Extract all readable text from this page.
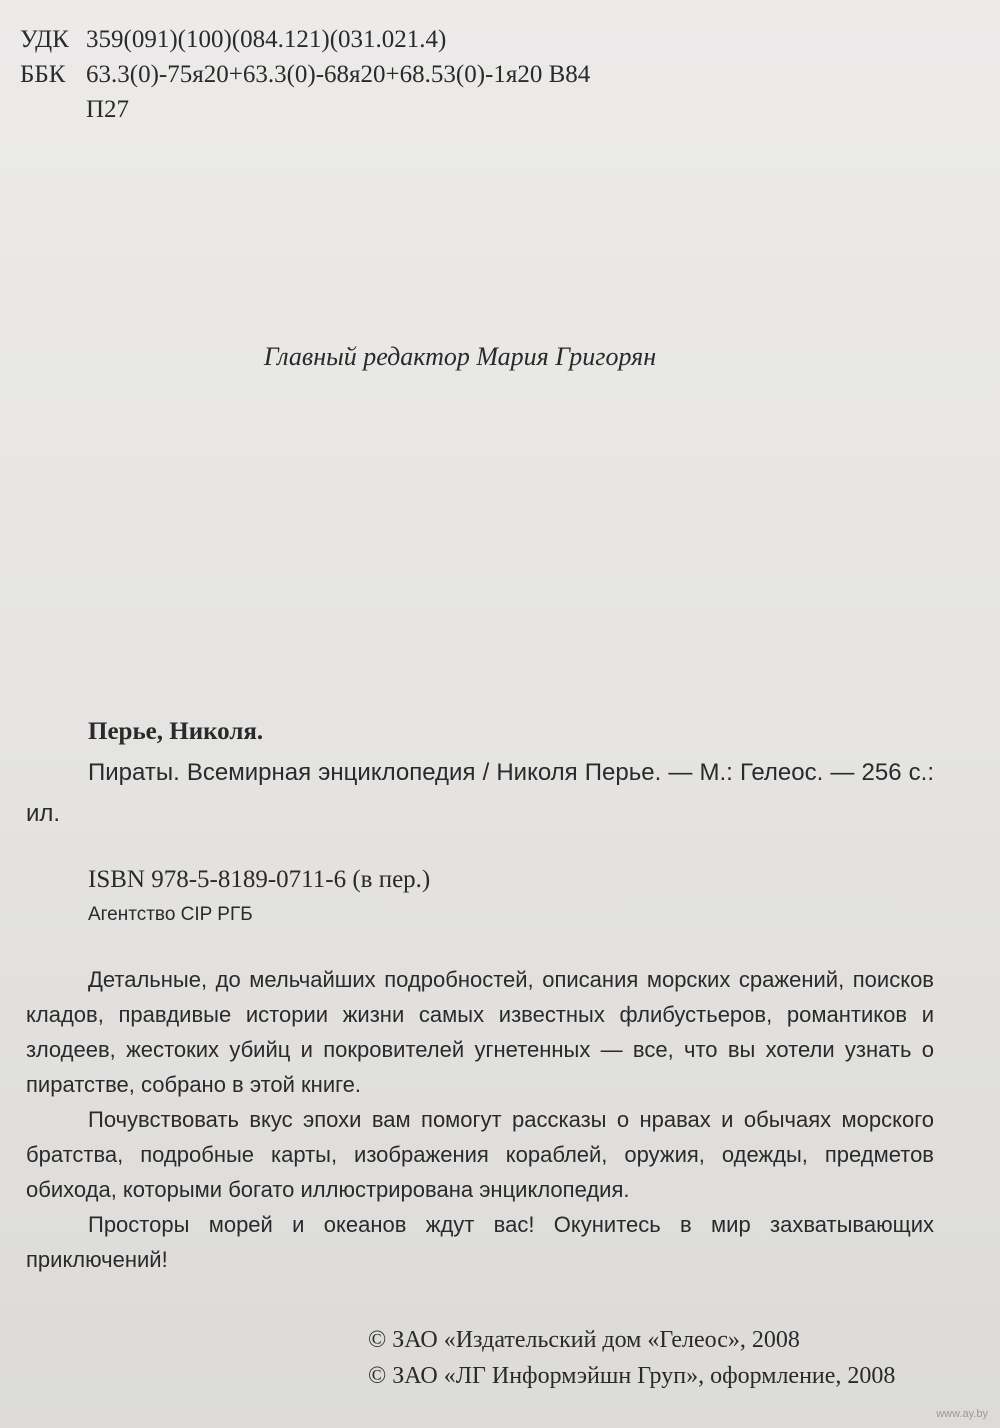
УДК 359(091)(100)(084.121)(031.021.4)
ББК 63.3(0)-75я20+63.3(0)-68я20+68.53(0)-1я20 В84
П27
Главный редактор Мария Григорян
Перье, Николя.
Пираты. Всемирная энциклопедия / Николя Перье. — М.: Гелеос. — 256 с.: ил.
ISBN 978-5-8189-0711-6 (в пер.)
Агентство CIP РГБ

Детальные, до мельчайших подробностей, описания морских сражений, поисков кладов, правдивые истории жизни самых известных флибустьеров, романтиков и злодеев, жестоких убийц и покровителей угнетенных — все, что вы хотели узнать о пиратстве, собрано в этой книге.

Почувствовать вкус эпохи вам помогут рассказы о нравах и обычаях морского братства, подробные карты, изображения кораблей, оружия, одежды, предметов обихода, которыми богато иллюстрирована энциклопедия.

Просторы морей и океанов ждут вас! Окунитесь в мир захватывающих приключений!

© ЗАО «Издательский дом «Гелеос», 2008
© ЗАО «ЛГ Информэйшн Груп», оформление, 2008
www.ay.by
